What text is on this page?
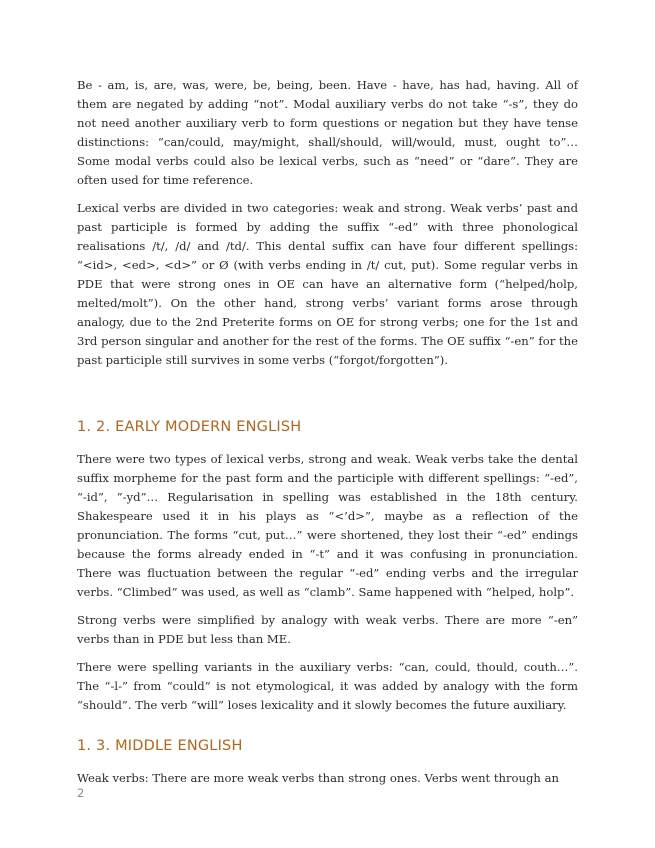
Be - am, is, are, was, were, be, being, been. Have - have, has had, having. All of them are negated by adding “not”. Modal auxiliary verbs do not take “-s”, they do not need another auxiliary verb to form questions or negation but they have tense distinctions: “can/could, may/might, shall/should, will/would, must, ought to”… Some modal verbs could also be lexical verbs, such as “need” or “dare”. They are often used for time reference.

Lexical verbs are divided in two categories: weak and strong. Weak verbs’ past and past participle is formed by adding the suffix “-ed” with three phonological realisations /t/, /d/ and /td/. This dental suffix can have four different spellings: “<id>, <ed>, <d>” or Ø (with verbs ending in /t/ cut, put). Some regular verbs in PDE that were strong ones in OE can have an alternative form (“helped/holp, melted/molt”). On the other hand, strong verbs’ variant forms arose through analogy, due to the 2nd Preterite forms on OE for strong verbs; one for the 1st and 3rd person singular and another for the rest of the forms. The OE suffix “-en” for the past participle still survives in some verbs (“forgot/forgotten”).

1. 2. EARLY MODERN ENGLISH

There were two types of lexical verbs, strong and weak. Weak verbs take the dental suffix morpheme for the past form and the participle with different spellings: “-ed”, “-id”, ”-yd”… Regularisation in spelling was established in the 18th century. Shakespeare used it in his plays as “<’d>”, maybe as a reflection of the pronunciation. The forms “cut, put…” were shortened, they lost their “-ed” endings because the forms already ended in “-t” and it was confusing in pronunciation. There was fluctuation between the regular “-ed” ending verbs and the irregular verbs. “Climbed” was used, as well as “clamb”. Same happened with “helped, holp”.

Strong verbs were simplified by analogy with weak verbs. There are more “-en” verbs than in PDE but less than ME.

There were spelling variants in the auxiliary verbs: “can, could, thould, couth…”. The “-l-” from “could” is not etymological, it was added by analogy with the form “should”. The verb “will” loses lexicality and it slowly becomes the future auxiliary.

1. 3. MIDDLE ENGLISH

Weak verbs: There are more weak verbs than strong ones. Verbs went through an

2
